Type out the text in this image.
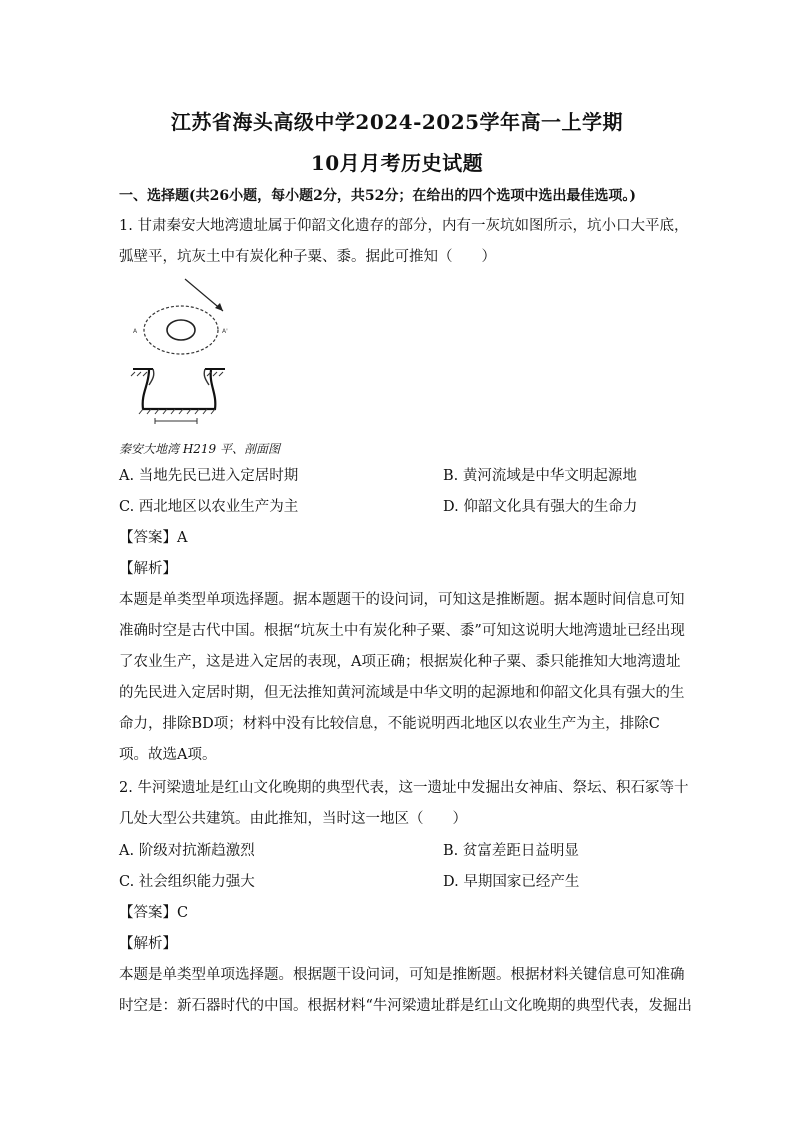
江苏省海头高级中学2024-2025学年高一上学期
10月月考历史试题
一、选择题(共26小题，每小题2分，共52分；在给出的四个选项中选出最佳选项。)
1. 甘肃秦安大地湾遗址属于仰韶文化遗存的部分，内有一灰坑如图所示，坑小口大平底，
弧壁平，坑灰土中有炭化种子粟、黍。据此可推知（　　）
A	A'
秦安大地湾 H219 平、剖面图
A. 当地先民已进入定居时期	B. 黄河流域是中华文明起源地
C. 西北地区以农业生产为主	D. 仰韶文化具有强大的生命力
【答案】A
【解析】
本题是单类型单项选择题。据本题题干的设问词，可知这是推断题。据本题时间信息可知
准确时空是古代中国。根据“坑灰土中有炭化种子粟、黍”可知这说明大地湾遗址已经出现
了农业生产，这是进入定居的表现，A项正确；根据炭化种子粟、黍只能推知大地湾遗址
的先民进入定居时期，但无法推知黄河流域是中华文明的起源地和仰韶文化具有强大的生
命力，排除BD项；材料中没有比较信息，不能说明西北地区以农业生产为主，排除C
项。故选A项。
2. 牛河梁遗址是红山文化晚期的典型代表，这一遗址中发掘出女神庙、祭坛、积石冢等十
几处大型公共建筑。由此推知，当时这一地区（　　）
A. 阶级对抗渐趋激烈	B. 贫富差距日益明显
C. 社会组织能力强大	D. 早期国家已经产生
【答案】C
【解析】
本题是单类型单项选择题。根据题干设问词，可知是推断题。根据材料关键信息可知准确
时空是：新石器时代的中国。根据材料“牛河梁遗址群是红山文化晚期的典型代表，发掘出
